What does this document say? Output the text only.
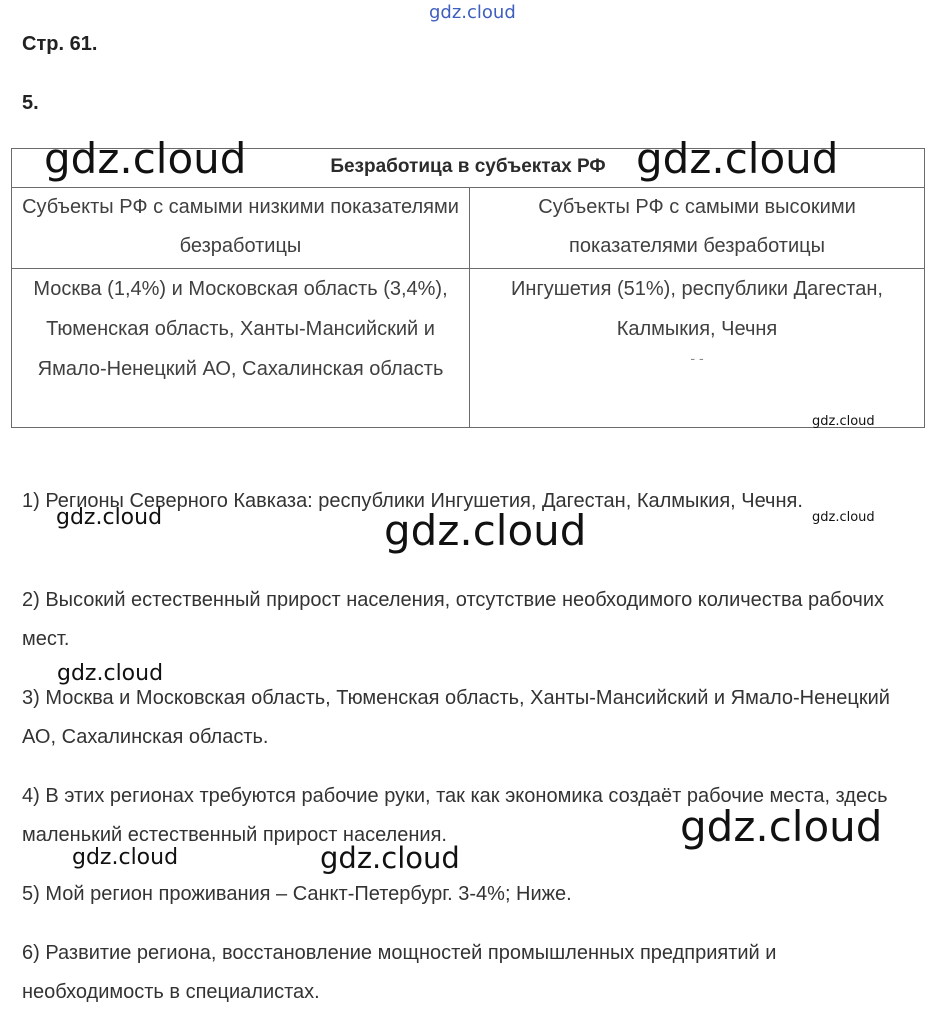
gdz.cloud
Стр. 61.
5.
Безработица в субъектах РФ	
Субъекты РФ с самыми низкими показателями безработицы	Субъекты РФ с самыми высокими показателями безработицы
Москва (1,4%) и Московская область (3,4%), Тюменская область, Ханты-Мансийский и Ямало-Ненецкий АО, Сахалинская область	Ингушетия (51%), республики Дагестан, Калмыкия, Чечня
- -
1) Регионы Северного Кавказа: республики Ингушетия, Дагестан, Калмыкия, Чечня.
2) Высокий естественный прирост населения, отсутствие необходимого количества рабочих мест.
3) Москва и Московская область, Тюменская область, Ханты-Мансийский и Ямало-Ненецкий АО, Сахалинская область.
4) В этих регионах требуются рабочие руки, так как экономика создаёт рабочие места, здесь маленький естественный прирост населения.
5) Мой регион проживания – Санкт-Петербург. 3-4%; Ниже.
6) Развитие региона, восстановление мощностей промышленных предприятий и необходимость в специалистах.
gdz.cloud	gdz.cloud
gdz.cloud
gdz.cloud	gdz.cloud	gdz.cloud
gdz.cloud
gdz.cloud
gdz.cloud	gdz.cloud
